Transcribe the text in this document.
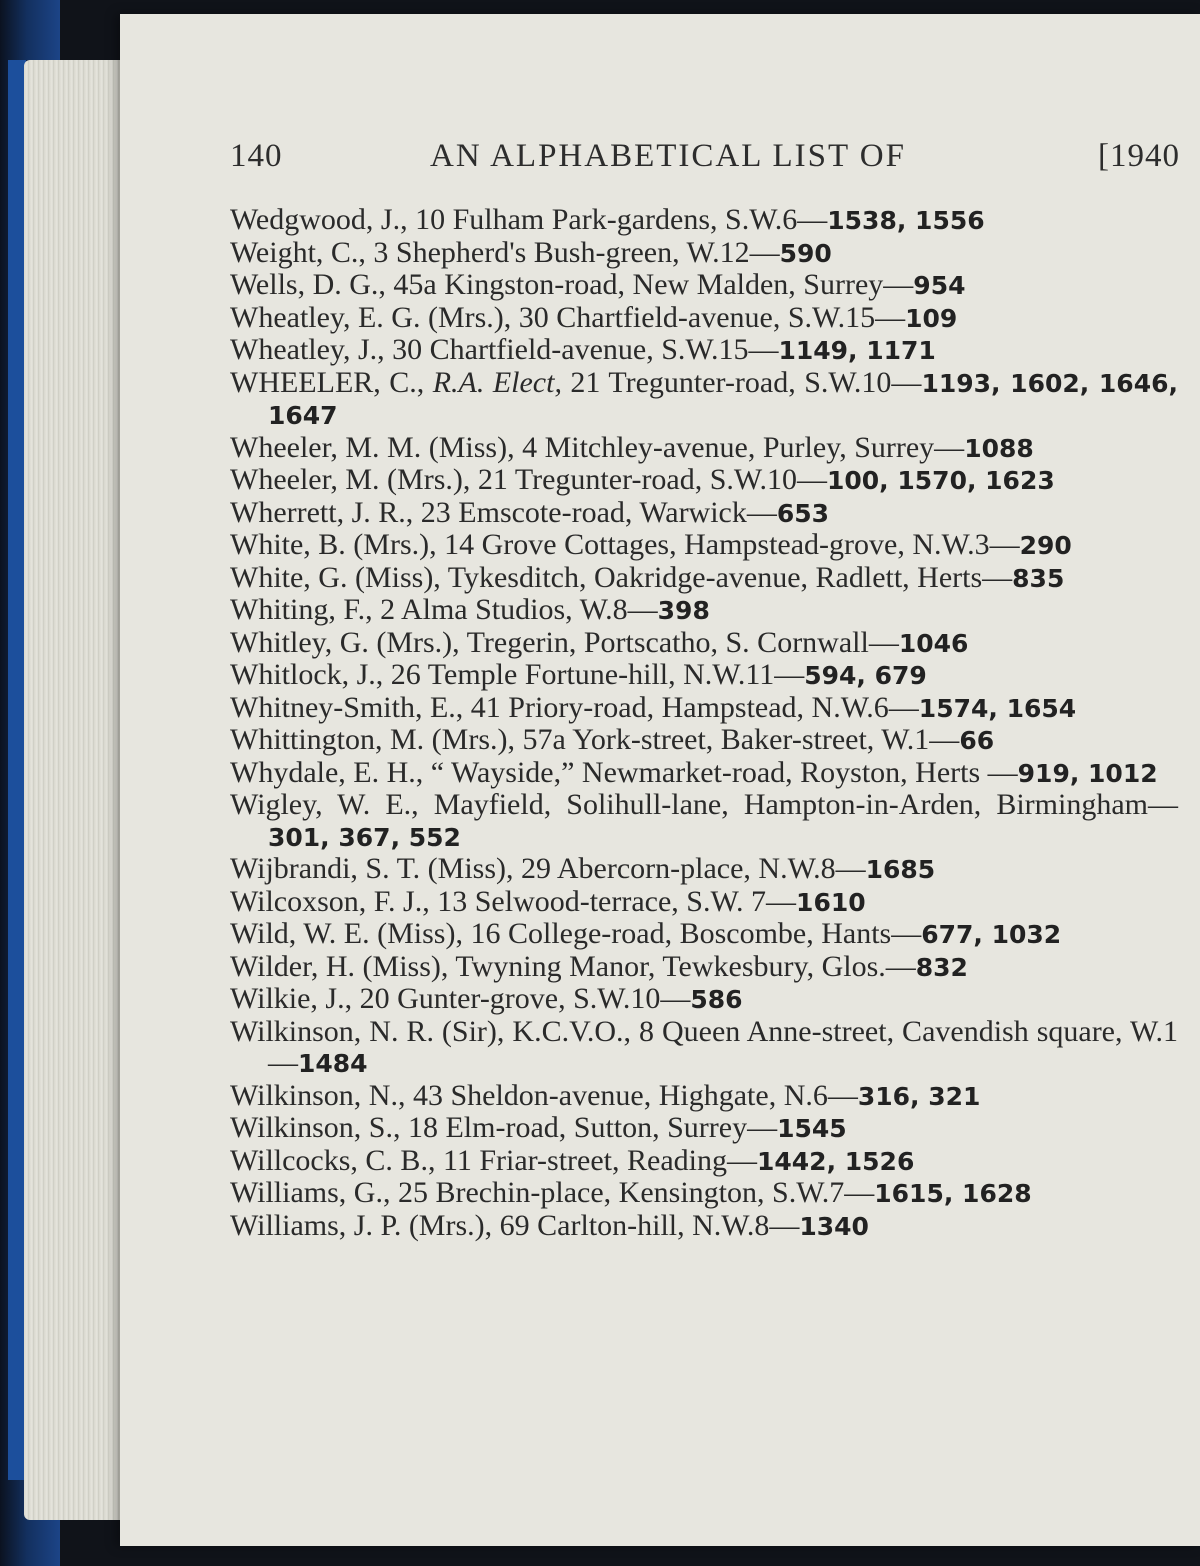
140	AN ALPHABETICAL LIST OF	[1940
Wedgwood, J., 10 Fulham Park-gardens, S.W.6—1538, 1556
Weight, C., 3 Shepherd's Bush-green, W.12—590
Wells, D. G., 45a Kingston-road, New Malden, Surrey—954
Wheatley, E. G. (Mrs.), 30 Chartfield-avenue, S.W.15—109
Wheatley, J., 30 Chartfield-avenue, S.W.15—1149, 1171
WHEELER, C., R.A. Elect, 21 Tregunter-road, S.W.10—1193, 1602, 1646, 1647
Wheeler, M. M. (Miss), 4 Mitchley-avenue, Purley, Surrey—1088
Wheeler, M. (Mrs.), 21 Tregunter-road, S.W.10—100, 1570, 1623
Wherrett, J. R., 23 Emscote-road, Warwick—653
White, B. (Mrs.), 14 Grove Cottages, Hampstead-grove, N.W.3—290
White, G. (Miss), Tykesditch, Oakridge-avenue, Radlett, Herts—835
Whiting, F., 2 Alma Studios, W.8—398
Whitley, G. (Mrs.), Tregerin, Portscatho, S. Cornwall—1046
Whitlock, J., 26 Temple Fortune-hill, N.W.11—594, 679
Whitney-Smith, E., 41 Priory-road, Hampstead, N.W.6—1574, 1654
Whittington, M. (Mrs.), 57a York-street, Baker-street, W.1—66
Whydale, E. H., “ Wayside,” Newmarket-road, Royston, Herts —919, 1012
Wigley, W. E., Mayfield, Solihull-lane, Hampton-in-Arden, Birmingham—301, 367, 552
Wijbrandi, S. T. (Miss), 29 Abercorn-place, N.W.8—1685
Wilcoxson, F. J., 13 Selwood-terrace, S.W. 7—1610
Wild, W. E. (Miss), 16 College-road, Boscombe, Hants—677, 1032
Wilder, H. (Miss), Twyning Manor, Tewkesbury, Glos.—832
Wilkie, J., 20 Gunter-grove, S.W.10—586
Wilkinson, N. R. (Sir), K.C.V.O., 8 Queen Anne-street, Cavendish square, W.1—1484
Wilkinson, N., 43 Sheldon-avenue, Highgate, N.6—316, 321
Wilkinson, S., 18 Elm-road, Sutton, Surrey—1545
Willcocks, C. B., 11 Friar-street, Reading—1442, 1526
Williams, G., 25 Brechin-place, Kensington, S.W.7—1615, 1628
Williams, J. P. (Mrs.), 69 Carlton-hill, N.W.8—1340
